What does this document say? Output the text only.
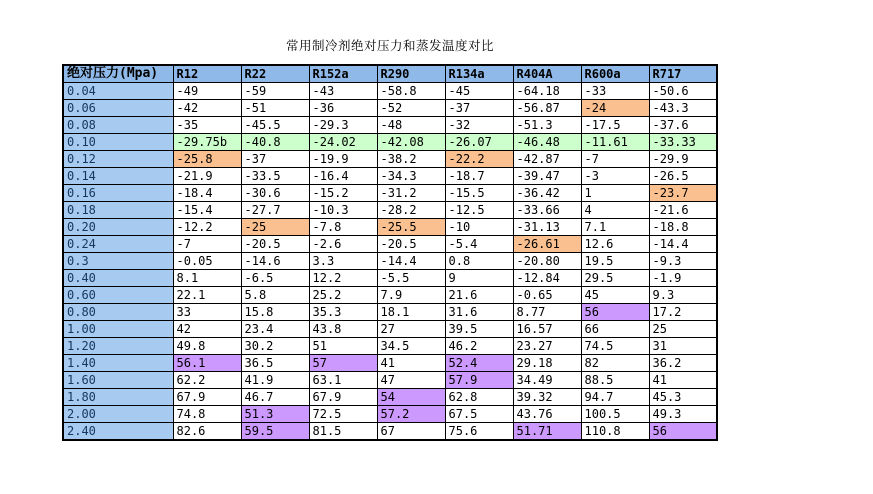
常用制冷剂绝对压力和蒸发温度对比
绝对压力(Mpa)	R12	R22	R152a	R290	R134a	R404A	R600a	R717
0.04	-49	-59	-43	-58.8	-45	-64.18	-33	-50.6
0.06	-42	-51	-36	-52	-37	-56.87	-24	-43.3
0.08	-35	-45.5	-29.3	-48	-32	-51.3	-17.5	-37.6
0.10	-29.75b	-40.8	-24.02	-42.08	-26.07	-46.48	-11.61	-33.33
0.12	-25.8	-37	-19.9	-38.2	-22.2	-42.87	-7	-29.9
0.14	-21.9	-33.5	-16.4	-34.3	-18.7	-39.47	-3	-26.5
0.16	-18.4	-30.6	-15.2	-31.2	-15.5	-36.42	1	-23.7
0.18	-15.4	-27.7	-10.3	-28.2	-12.5	-33.66	4	-21.6
0.20	-12.2	-25	-7.8	-25.5	-10	-31.13	7.1	-18.8
0.24	-7	-20.5	-2.6	-20.5	-5.4	-26.61	12.6	-14.4
0.3	-0.05	-14.6	3.3	-14.4	0.8	-20.80	19.5	-9.3
0.40	8.1	-6.5	12.2	-5.5	9	-12.84	29.5	-1.9
0.60	22.1	5.8	25.2	7.9	21.6	-0.65	45	9.3
0.80	33	15.8	35.3	18.1	31.6	8.77	56	17.2
1.00	42	23.4	43.8	27	39.5	16.57	66	25
1.20	49.8	30.2	51	34.5	46.2	23.27	74.5	31
1.40	56.1	36.5	57	41	52.4	29.18	82	36.2
1.60	62.2	41.9	63.1	47	57.9	34.49	88.5	41
1.80	67.9	46.7	67.9	54	62.8	39.32	94.7	45.3
2.00	74.8	51.3	72.5	57.2	67.5	43.76	100.5	49.3
2.40	82.6	59.5	81.5	67	75.6	51.71	110.8	56
